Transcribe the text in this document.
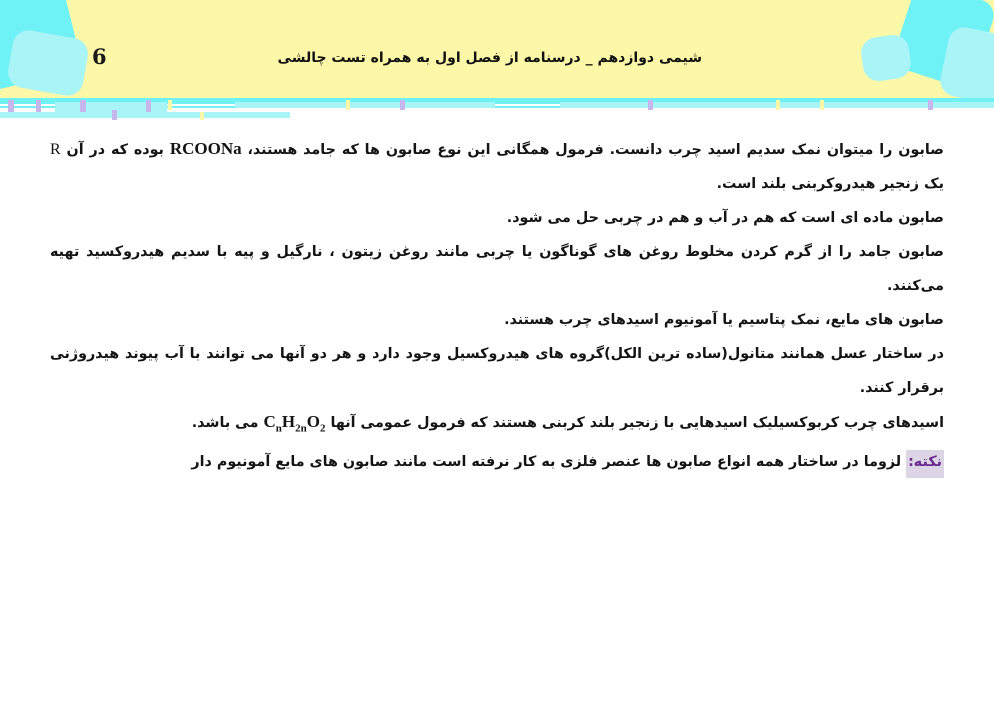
6	شیمی دوازدهم _ درسنامه از فصل اول به همراه تست چالشی

صابون را میتوان نمک سدیم اسید چرب دانست. فرمول همگانی این نوع صابون ها که جامد هستند، RCOONa بوده که در آن R یک زنجیر هیدروکربنی بلند است.

صابون ماده ای است که هم در آب و هم در چربی حل می شود.

صابون جامد را از گرم کردن مخلوط روغن های گوناگون یا چربی مانند روغن زیتون ، نارگیل و پیه با سدیم هیدروکسید تهیه می‌کنند.

صابون های مایع، نمک پتاسیم یا آمونیوم اسیدهای چرب هستند.

در ساختار عسل همانند متانول(ساده ترین الکل)گروه های هیدروکسیل وجود دارد و هر دو آنها می توانند با آب پیوند هیدروژنی برقرار کنند.

اسیدهای چرب کربوکسیلیک اسیدهایی با زنجیر بلند کربنی هستند که فرمول عمومی آنها $C_nH_{2n}O_2$ می باشد.

نکته: لزوما در ساختار همه انواع صابون ها عنصر فلزی به کار نرفته است مانند صابون های مایع آمونیوم دار
